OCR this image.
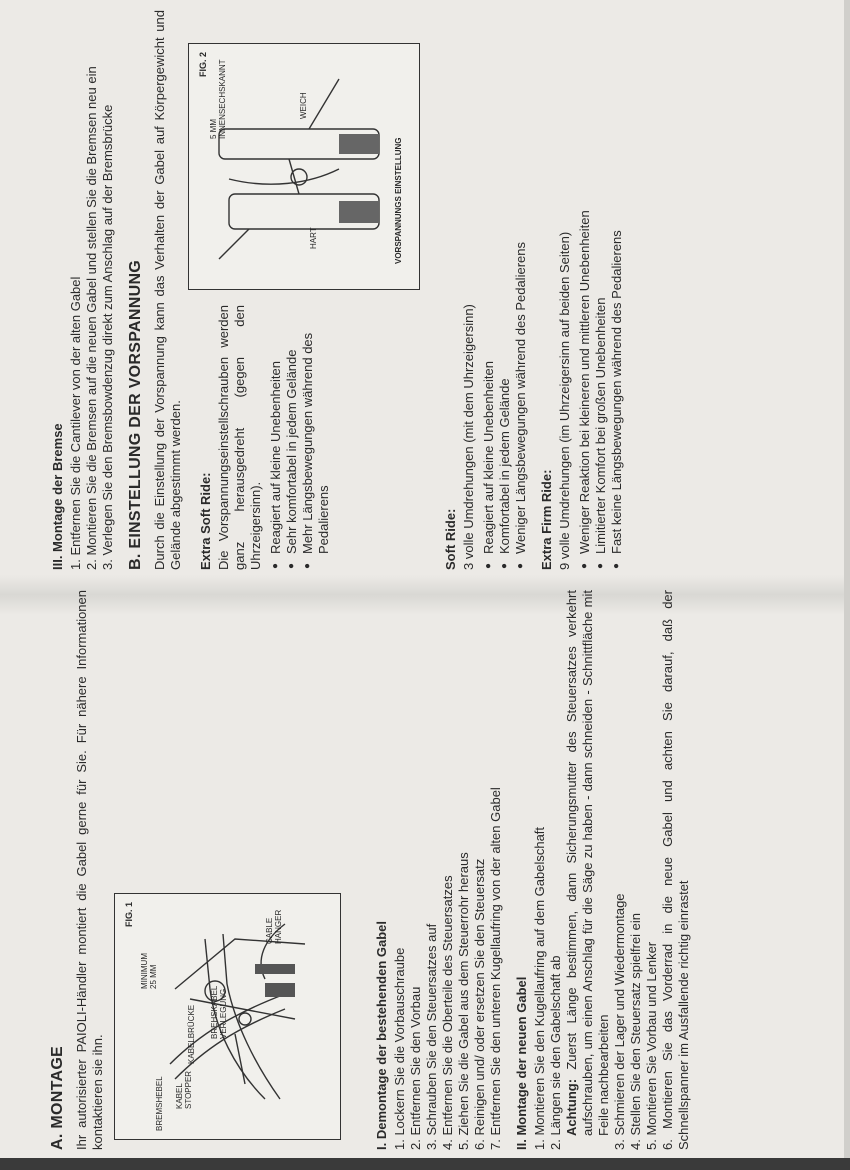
A. MONTAGE Ihr autorisierter PAIOLI-Händler montiert die Gabel gerne für Sie. Für nähere Informationen kontaktieren sie ihn.

FIG. 1
BREMSHEBEL KABEL STOPPER
KABELBRÜCKE BREHSKABEL VERLEGUNG
MINIMUM 25 MM
CABLE HANGER	I. Demontage der bestehenden Gabel 1. Lockern Sie die Vorbauschraube 2. Entfernen Sie den Vorbau 3. Schrauben Sie den Steuersatzes auf 4. Entfernen Sie die Oberteile des Steuersatzes 5. Ziehen Sie die Gabel aus dem Steuerrohr heraus 6. Reinigen und/ oder ersetzen Sie den Steuersatz 7. Entfernen Sie den unteren Kugellaufring von der alten Gabel II. Montage der neuen Gabel 1. Montieren Sie den Kugellaufring auf dem Gabelschaft 2. Längen sie den Gabelschaft ab Achtung: Zuerst Länge bestimmen, dann Sicherungsmutter des Steuersatzes verkehrt aufschrauben, um einen Anschlag für die Säge zu haben - dann schneiden - Schnittfläche mit Feile nachbearbeiten 3. Schmieren der Lager und Wiedermontage 4. Stellen Sie den Steuersatz spielfrei ein 5. Montieren Sie Vorbau und Lenker 6. Montieren Sie das Vorderrad in die neue Gabel und achten Sie darauf, daß der Schnellspanner im Ausfallende richtig einrastet
III. Montage der Bremse 1. Entfernen Sie die Cantilever von der alten Gabel 2. Montieren Sie die Bremsen auf die neuen Gabel und stellen Sie die Bremsen neu ein 3. Verlegen Sie den Bremsbowdenzug direkt zum Anschlag auf der Bremsbrücke B. EINSTELLUNG DER VORSPANNUNG Durch die Einstellung der Vorspannung kann das Verhalten der Gabel auf Körpergewicht und Gelände abgestimmt werden. Extra Soft Ride: Die Vorspannungseinstellschrauben werden ganz herausgedreht (gegen den Uhrzeigersinn). ● Reagiert auf kleine Unebenheiten ● Sehr komfortabel in jedem Gelände ● Mehr Längsbewegungen während des Pedalierens
FIG. 2
5 MM INNENSECHSKANNT	WEICH
HART	VORSPANNUNGS EINSTELLUNG
Soft Ride: 3 volle Umdrehungen (mit dem Uhrzeigersinn) ● Reagiert auf kleine Unebenheiten ● Komfortabel in jedem Gelände ● Weniger Längsbewegungen während des Pedalierens Extra Firm Ride: 9 volle Umdrehungen (im Uhrzeigersinn auf beiden Seiten) ● Weniger Reaktion bei kleineren und mittleren Unebenheiten ● Limitierter Komfort bei großen Unebenheiten ● Fast keine Längsbewegungen während des Pedalierens
